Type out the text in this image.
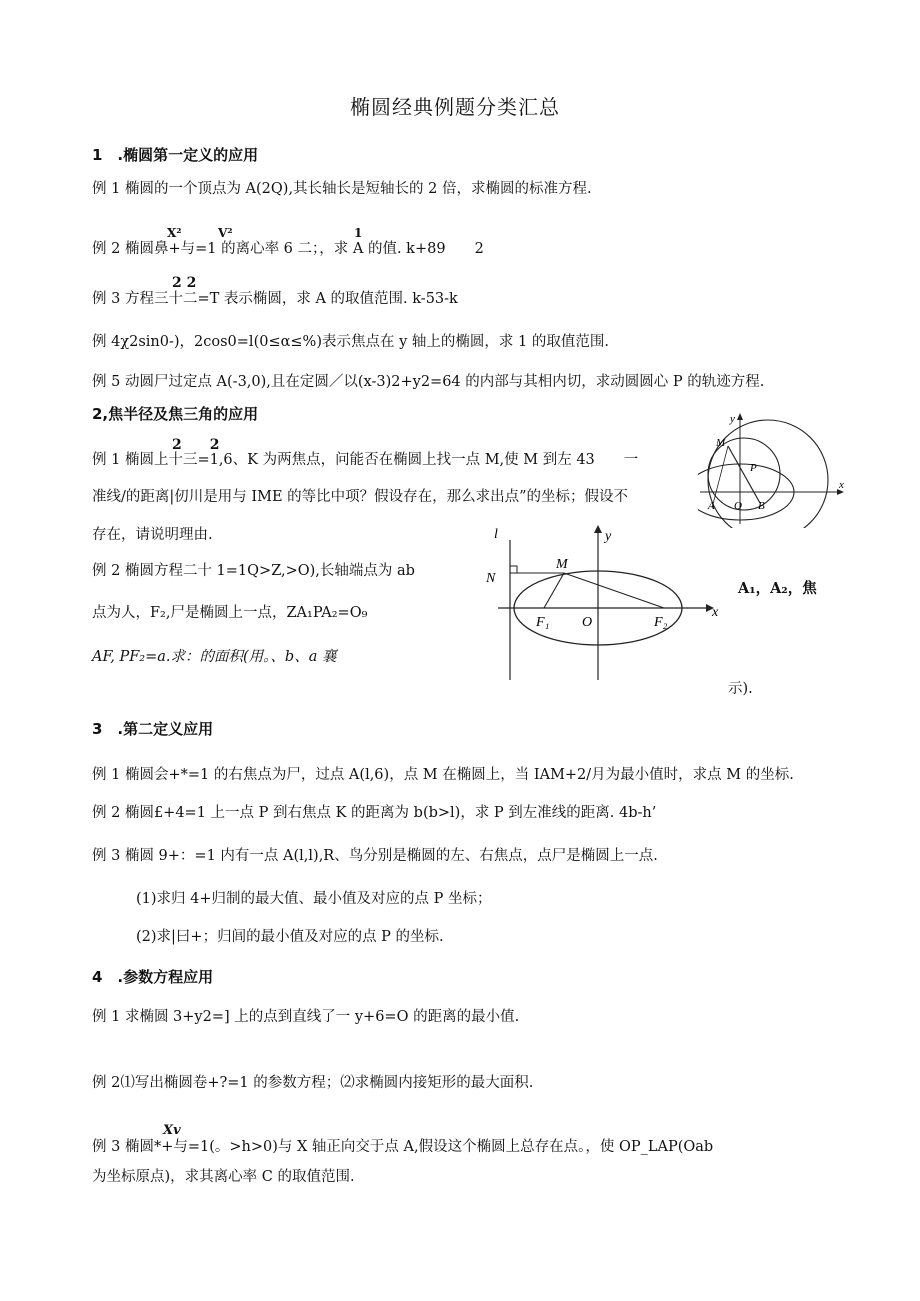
椭圆经典例题分类汇总
1　.椭圆第一定义的应用
例 1 椭圆的一个顶点为 A(2Q),其长轴长是短轴长的 2 倍，求椭圆的标准方程.
X²	V²	1
例 2 椭圆鼻+与=1 的离心率 6 二；，求 A 的值. k+89　　2
2 2
例 3 方程三十二=T 表示椭圆，求 A 的取值范围. k-53-k
例 4χ2sin0-)，2cos0=l(0≤α≤%)表示焦点在 y 轴上的椭圆，求 1 的取值范围.
例 5 动圆尸过定点 A(-3,0),且在定圆／以(x-3)2+y2=64 的内部与其相内切，求动圆圆心 P 的轨迹方程.
2,焦半径及焦三角的应用
2　　2
例 1 椭圆上十三=1,6、K 为两焦点，问能否在椭圆上找一点 M,使 M 到左 43　　一
准线/的距离|仞川是用与 IME 的等比中项？假设存在，那么求出点”的坐标；假设不
存在，请说明理由.
例 2 椭圆方程二十 1=1Q>Z,>O),长轴端点为 ab
点为人，F₂,尸是椭圆上一点，ZA₁PA₂=O₉
AF, PF₂=a.求：的面积(用。、b、a 襄
A₁，A₂，焦
示).
y
x
M
P
A O B
l	y
x
N
M
F₁ O	F₂
3　.第二定义应用
例 1 椭圆会+*=1 的右焦点为尸，过点 A(l,6)，点 M 在椭圆上，当 IAM+2/月为最小值时，求点 M 的坐标.
例 2 椭圆£+4=1 上一点 P 到右焦点 K 的距离为 b(b>l)，求 P 到左准线的距离. 4b-h’
例 3 椭圆 9+：=1 内有一点 A(l,l),R、鸟分别是椭圆的左、右焦点，点尸是椭圆上一点.
(1)求归 4+归制的最大值、最小值及对应的点 P 坐标；
(2)求|曰+；归闾的最小值及对应的点 P 的坐标.
4　.参数方程应用
例 1 求椭圆 3+y2=] 上的点到直线了一 y+6=O 的距离的最小值.
例 2⑴写出椭圆卷+?=1 的参数方程；⑵求椭圆内接矩形的最大面积.
Xv
例 3 椭圆*+与=1(。>h>0)与 X 轴正向交于点 A,假设这个椭圆上总存在点。，使 OP_LAP(Oab
为坐标原点)，求其离心率 C 的取值范围.
